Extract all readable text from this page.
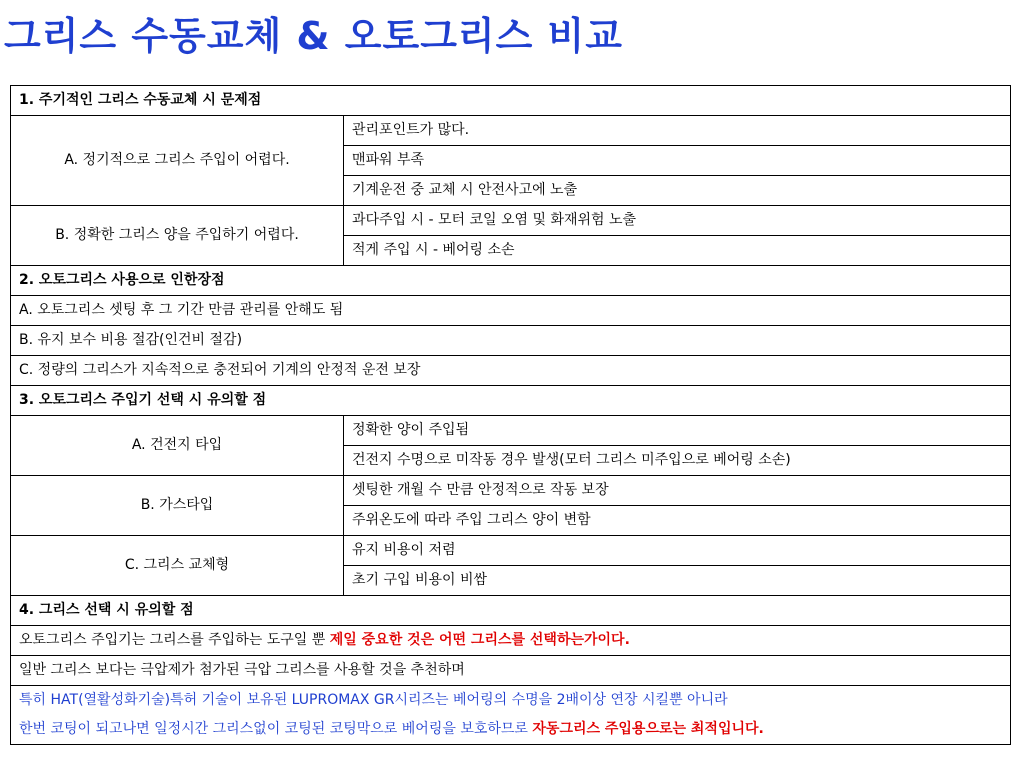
그리스 수동교체 & 오토그리스 비교
1. 주기적인 그리스 수동교체 시 문제점	
A. 정기적으로 그리스 주입이 어렵다.	관리포인트가 많다.
	맨파워 부족
	기계운전 중 교체 시 안전사고에 노출
B. 정확한 그리스 양을 주입하기 어렵다.	과다주입 시 - 모터 코일 오염 및 화재위험 노출
	적게 주입 시 - 베어링 소손
2. 오토그리스 사용으로 인한장점	
A. 오토그리스 셋팅 후 그 기간 만큼 관리를 안해도 됨	
B. 유지 보수 비용 절감(인건비 절감)	
C. 정량의 그리스가 지속적으로 충전되어 기계의 안정적 운전 보장	
3. 오토그리스 주입기 선택 시 유의할 점	
A. 건전지 타입	정확한 양이 주입됨
	건전지 수명으로 미작동 경우 발생(모터 그리스 미주입으로 베어링 소손)
B. 가스타입	셋팅한 개월 수 만큼 안정적으로 작동 보장
	주위온도에 따라 주입 그리스 양이 변함
C. 그리스 교체형	유지 비용이 저렴
	초기 구입 비용이 비쌈
4. 그리스 선택 시 유의할 점	
오토그리스 주입기는 그리스를 주입하는 도구일 뿐 제일 중요한 것은 어떤 그리스를 선택하는가이다.	
일반 그리스 보다는 극압제가 첨가된 극압 그리스를 사용할 것을 추천하며	

특히 HAT(열활성화기술)특허 기술이 보유된 LUPROMAX GR시리즈는 베어링의 수명을 2배이상 연장 시킬뿐 아니라
한번 코팅이 되고나면 일정시간 그리스없이 코팅된 코팅막으로 베어링을 보호하므로 자동그리스 주입용으로는 최적입니다.	
